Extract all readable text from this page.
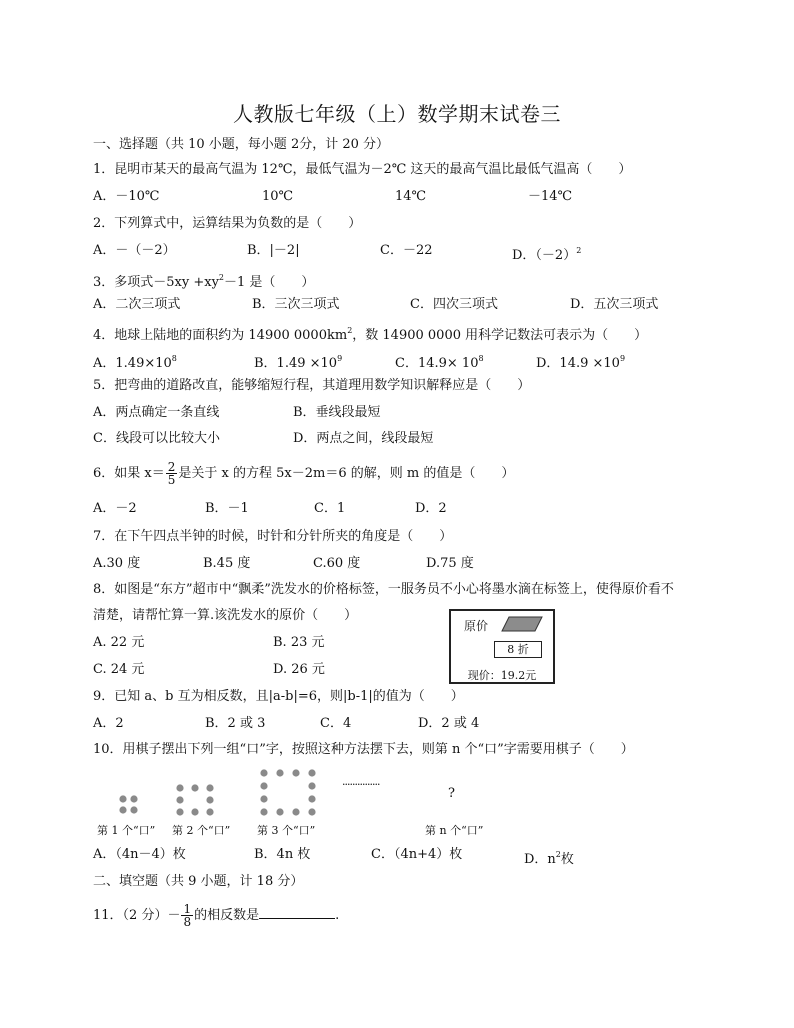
人教版七年级（上）数学期末试卷三
一、选择题（共 10 小题，每小题 2分，计 20 分）
1．昆明市某天的最高气温为 12℃，最低气温为－2℃ 这天的最高气温比最低气温高（　　）
A．－10℃	10℃	14℃	－14℃
2．下列算式中，运算结果为负数的是（　　）
A．－（－2）	B．|－2|	C．－22	D．$(-2)^2$
3．多项式$-5xy +xy^2-1$ 是（　　）
A．二次三项式	B．三次三项式	C．四次三项式	D．五次三项式
4．地球上陆地的面积约为 14900 $0000km^2$，数 14900 0000 用科学记数法可表示为（　　）
A．$1.49\times 10^8$	B．$1.49 \times 10^9$	C．$14.9\times 10^8$	D．$14.9 \times 10^9$
5．把弯曲的道路改直，能够缩短行程，其道理用数学知识解释应是（　　）
A．两点确定一条直线	B．垂线段最短
C．线段可以比较大小	D．两点之间，线段最短
6．如果 $x= \frac{2}{5}$ 是关于 x 的方程 5x－2m＝6 的解，则 m 的值是（　　）
A．－2	B．－1	C．1	D．2
7．在下午四点半钟的时候，时针和分针所夹的角度是（　　）
A.30 度	B.45 度	C.60 度	D.75 度
8．如图是“东方”超市中“飘柔”洗发水的价格标签，一服务员不小心将墨水滴在标签上，使得原价看不
清楚，请帮忙算一算.该洗发水的原价（　　）
A. 22 元	B. 23 元
C. 24 元	D. 26 元
原价
8 折
现价：19.2元
9．已知 a、b 互为相反数，且|a-b|=6，则|b-1|的值为（　　）
A．2	B．2 或 3	C．4	D．2 或 4
10．用棋子摆出下列一组“口”字，按照这种方法摆下去，则第 n 个“口”字需要用棋子（　　）
···············
?
第 1 个“口” 第 2 个“口” 第 3 个“口”	第 n 个“口”
A．（4n－4）枚	B．4n 枚	C．（4n+4）枚	D．$n^2$枚
二、填空题（共 9 小题，计 18 分）
11．（2 分）－ $\frac{1}{8}$ 的相反数是	.
